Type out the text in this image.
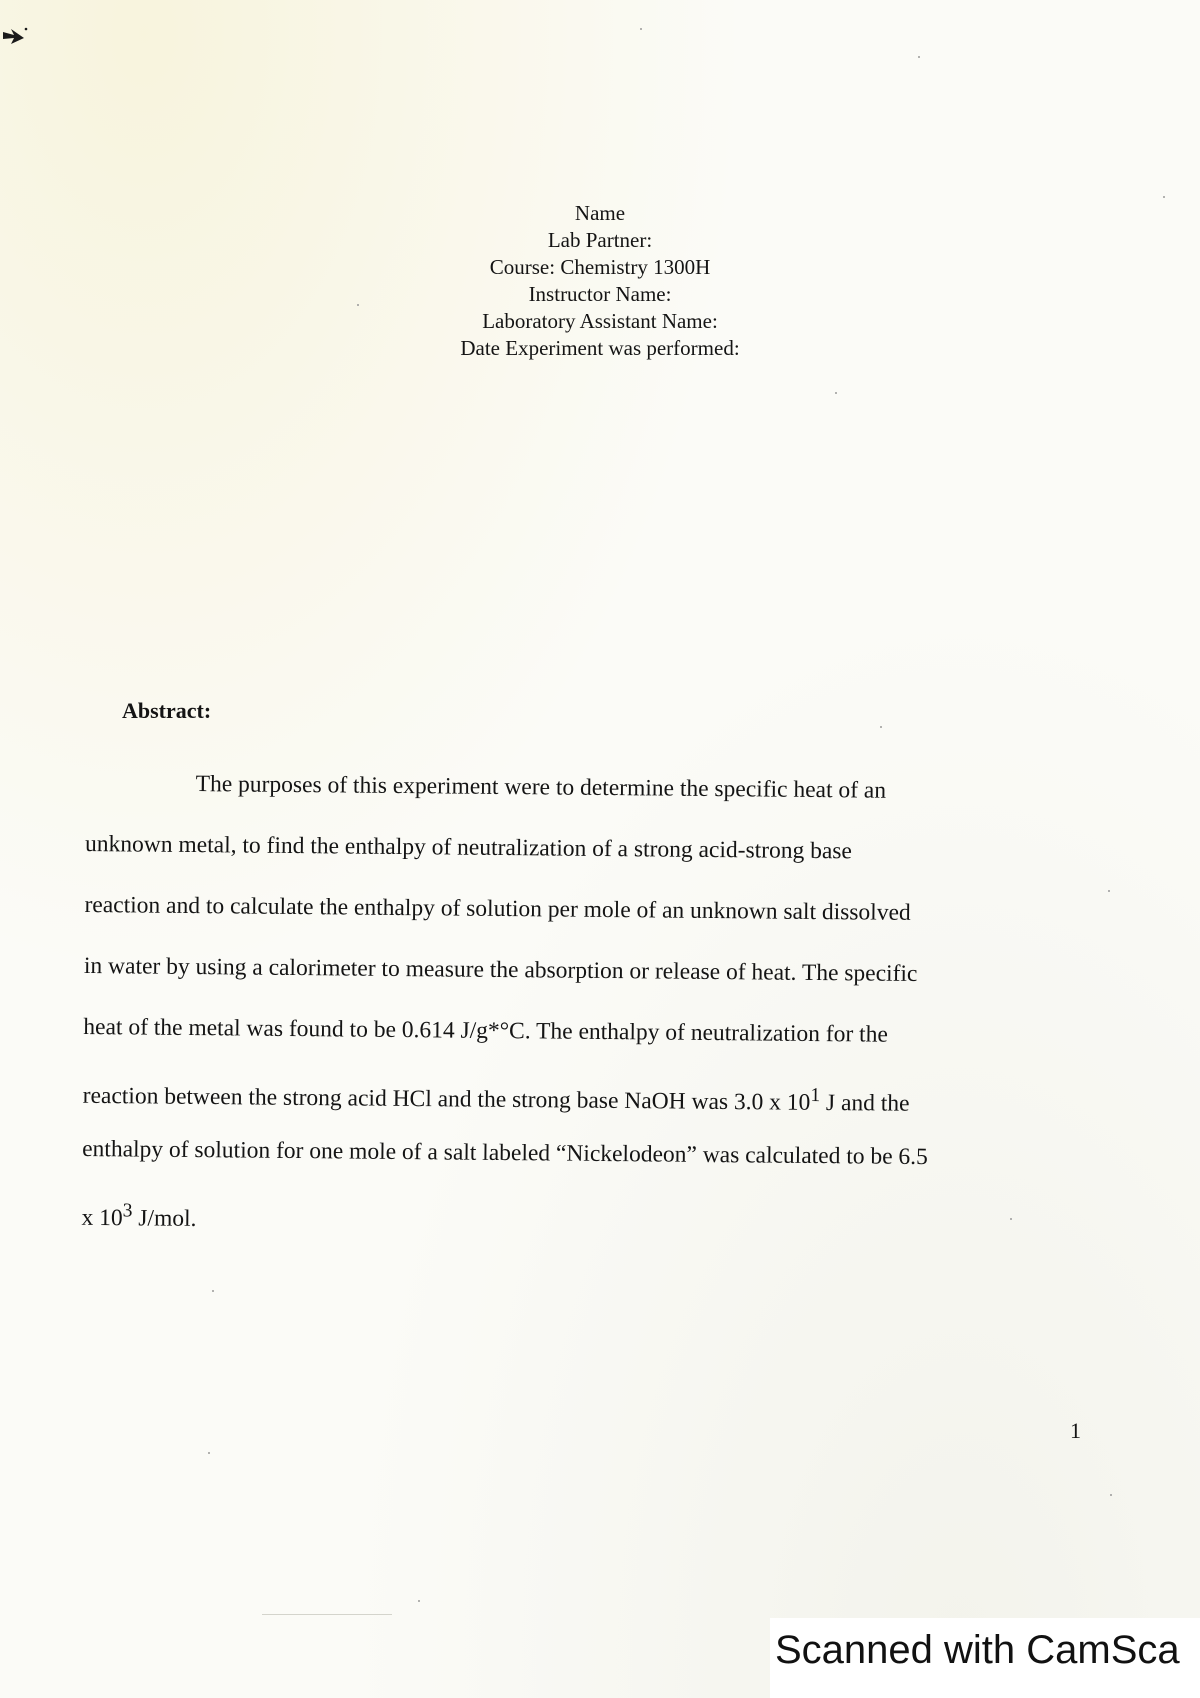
Name
Lab Partner:
Course: Chemistry 1300H
Instructor Name:
Laboratory Assistant Name:
Date Experiment was performed:
Abstract:
The purposes of this experiment were to determine the specific heat of an
unknown metal, to find the enthalpy of neutralization of a strong acid-strong base
reaction and to calculate the enthalpy of solution per mole of an unknown salt dissolved
in water by using a calorimeter to measure the absorption or release of heat. The specific
heat of the metal was found to be 0.614 J/g*°C. The enthalpy of neutralization for the
reaction between the strong acid HCl and the strong base NaOH was 3.0 x $10^1$ J and the
enthalpy of solution for one mole of a salt labeled “Nickelodeon” was calculated to be 6.5
x $10^3$ J/mol.
1
Scanned with CamSca
